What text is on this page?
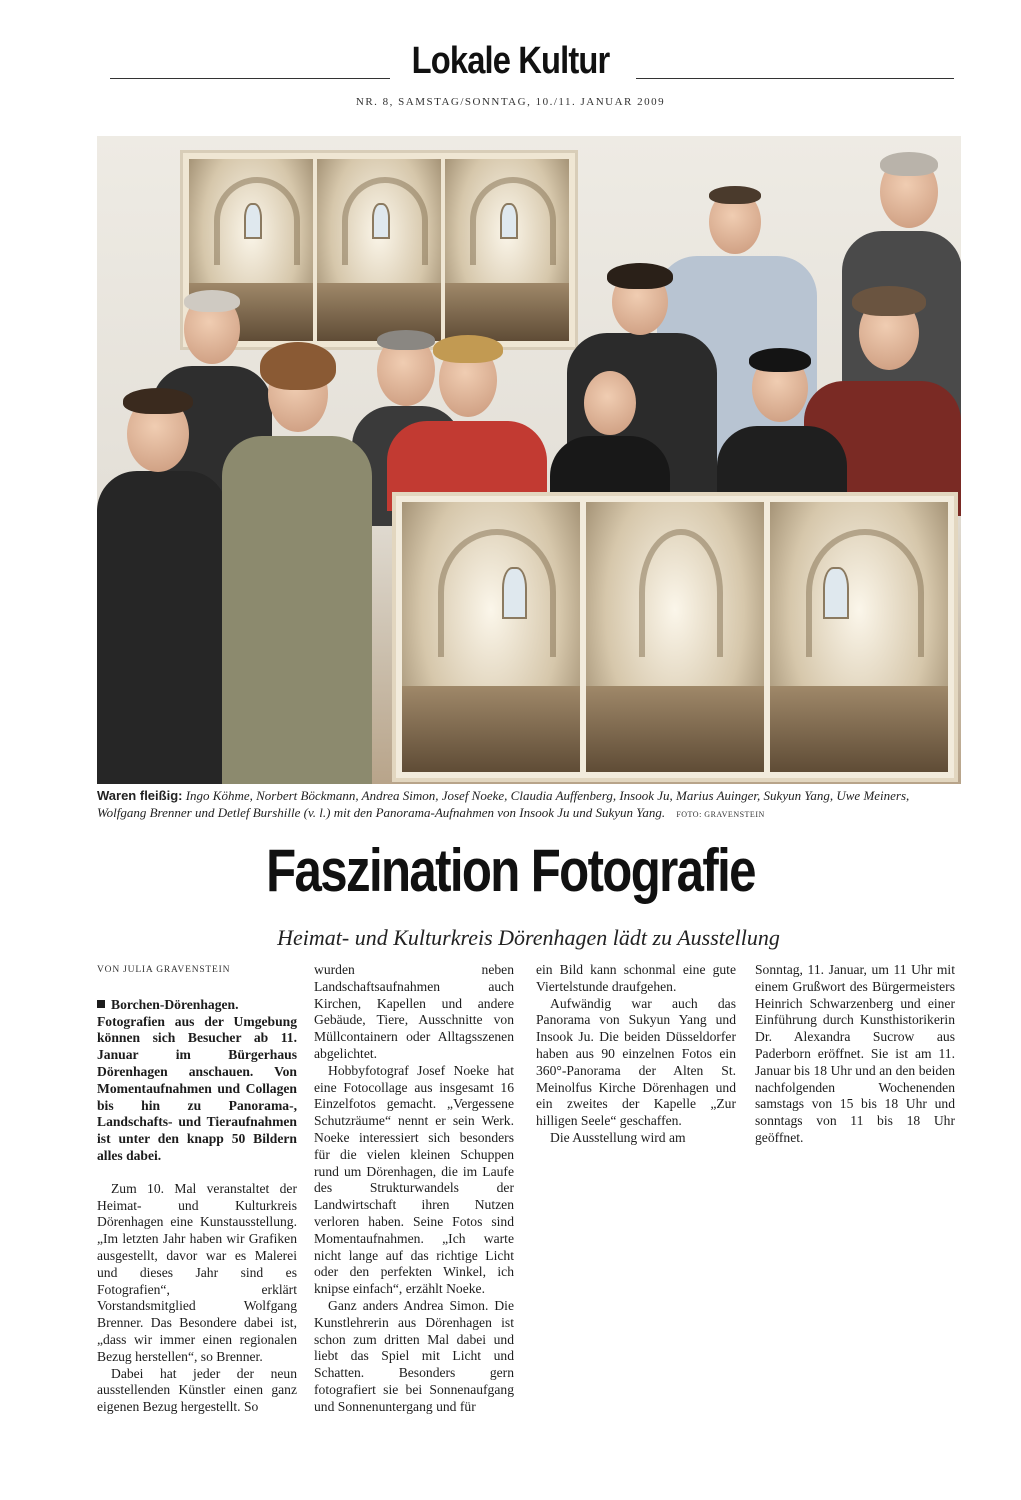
Lokale Kultur
NR. 8, SAMSTAG/SONNTAG, 10./11. JANUAR 2009
Waren fleißig: Ingo Köhme, Norbert Böckmann, Andrea Simon, Josef Noeke, Claudia Auffenberg, Insook Ju, Marius Auinger, Sukyun Yang, Uwe Meiners, Wolfgang Brenner und Detlef Burshille (v. l.) mit den Panorama-Aufnahmen von Insook Ju und Sukyun Yang. FOTO: GRAVENSTEIN
Faszination Fotografie
Heimat- und Kulturkreis Dörenhagen lädt zu Ausstellung

VON JULIA GRAVENSTEIN

Borchen-Dörenhagen. Fotografien aus der Umgebung können sich Besucher ab 11. Januar im Bürgerhaus Dörenhagen anschauen. Von Momentaufnahmen und Collagen bis hin zu Panorama-, Landschafts- und Tieraufnahmen ist unter den knapp 50 Bildern alles dabei.

Zum 10. Mal veranstaltet der Heimat- und Kulturkreis Dörenhagen eine Kunstausstellung. „Im letzten Jahr haben wir Grafiken ausgestellt, davor war es Malerei und dieses Jahr sind es Fotografien“, erklärt Vorstandsmitglied Wolfgang Brenner. Das Besondere dabei ist, „dass wir immer einen regionalen Bezug herstellen“, so Brenner.

Dabei hat jeder der neun ausstellenden Künstler einen ganz eigenen Bezug hergestellt. So

wurden neben Landschaftsaufnahmen auch Kirchen, Kapellen und andere Gebäude, Tiere, Ausschnitte von Müllcontainern oder Alltagsszenen abgelichtet.

Hobbyfotograf Josef Noeke hat eine Fotocollage aus insgesamt 16 Einzelfotos gemacht. „Vergessene Schutzräume“ nennt er sein Werk. Noeke interessiert sich besonders für die vielen kleinen Schuppen rund um Dörenhagen, die im Laufe des Strukturwandels der Landwirtschaft ihren Nutzen verloren haben. Seine Fotos sind Momentaufnahmen. „Ich warte nicht lange auf das richtige Licht oder den perfekten Winkel, ich knipse einfach“, erzählt Noeke.

Ganz anders Andrea Simon. Die Kunstlehrerin aus Dörenhagen ist schon zum dritten Mal dabei und liebt das Spiel mit Licht und Schatten. Besonders gern fotografiert sie bei Sonnenaufgang und Sonnenuntergang und für

ein Bild kann schonmal eine gute Viertelstunde draufgehen.

Aufwändig war auch das Panorama von Sukyun Yang und Insook Ju. Die beiden Düsseldorfer haben aus 90 einzelnen Fotos ein 360°-Panorama der Alten St. Meinolfus Kirche Dörenhagen und ein zweites der Kapelle „Zur hilligen Seele“ geschaffen.

Die Ausstellung wird am

Sonntag, 11. Januar, um 11 Uhr mit einem Grußwort des Bürgermeisters Heinrich Schwarzenberg und einer Einführung durch Kunsthistorikerin Dr. Alexandra Sucrow aus Paderborn eröffnet. Sie ist am 11. Januar bis 18 Uhr und an den beiden nachfolgenden Wochenenden samstags von 15 bis 18 Uhr und sonntags von 11 bis 18 Uhr geöffnet.
